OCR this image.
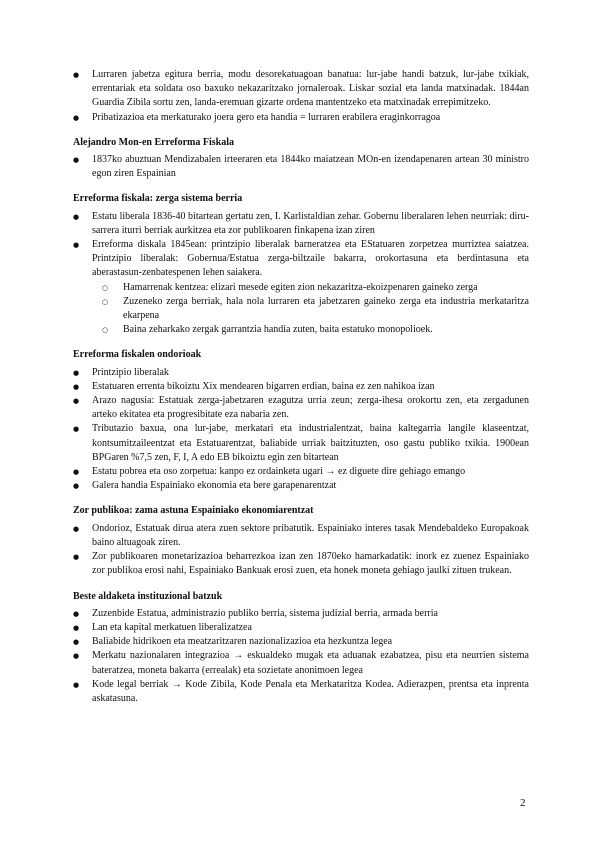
● Lurraren jabetza egitura berria, modu desorekatuagoan banatua: lur-jabe handi batzuk, lur-jabe txikiak, errentariak eta soldata oso baxuko nekazaritzako jornaleroak. Liskar sozial eta landa matxinadak. 1844an Guardia Zibila sortu zen, landa-eremuan gizarte ordena mantentzeko eta matxinadak errepimitzeko.
● Pribatizazioa eta merkaturako joera gero eta handia = lurraren erabilera eraginkorragoa
Alejandro Mon-en Erreforma Fiskala
● 1837ko abuztuan Mendizabalen irteeraren eta 1844ko maiatzean MOn-en izendapenaren artean 30 ministro egon ziren Espainian
Erreforma fiskala: zerga sistema berria
● Estatu liberala 1836-40 bitartean gertatu zen, I. Karlistaldian zehar. Gobernu liberalaren lehen neurriak: diru-sarrera iturri berriak aurkitzea eta zor publikoaren finkapena izan ziren
● Erreforma diskala 1845ean: printzipio liberalak barneratzea eta EStatuaren zorpetzea murriztea saiatzea. Printzipio liberalak: Gobernua/Estatua zerga-biltzaile bakarra, orokortasuna eta berdintasuna eta aberastasun-zenbatespenen lehen saiakera.
○ Hamarrenak kentzea: elizari mesede egiten zion nekazaritza-ekoizpenaren gaineko zerga
○ Zuzeneko zerga berriak, hala nola lurraren eta jabetzaren gaineko zerga eta industria merkataritza ekarpena
○ Baina zeharkako zergak garrantzia handia zuten, baita estatuko monopolioek.
Erreforma fiskalen ondorioak
● Printzipio liberalak
● Estatuaren errenta bikoiztu Xix mendearen bigarren erdian, baina ez zen nahikoa izan
● Arazo nagusia: Estatuak zerga-jabetzaren ezagutza urria zeun; zerga-ihesa orokortu zen, eta zergadunen arteko ekitatea eta progresibitate eza nabaria zen.
● Tributazio baxua, ona lur-jabe, merkatari eta industrialentzat, baina kaltegarria langile klaseentzat, kontsumitzaileentzat eta Estatuarentzat, baliabide urriak baitzituzten, oso gastu publiko txikia. 1900ean BPGaren %7,5 zen, F, I, A edo EB bikoiztu egin zen bitartean
● Estatu pobrea eta oso zorpetua: kanpo ez ordainketa ugari → ez diguete dire gehiago emango
● Galera handia Espainiako ekonomia eta bere garapenarentzat
Zor publikoa: zama astuna Espainiako ekonomiarentzat
● Ondorioz, Estatuak dirua atera zuen sektore pribatutik. Espainiako interes tasak Mendebaldeko Europakoak baino altuagoak ziren.
● Zor publikoaren monetarizazioa beharrezkoa izan zen 1870eko hamarkadatik: inork ez zuenez Espainiako zor publikoa erosi nahi, Espainiako Bankuak erosi zuen, eta honek moneta gehiago jaulki zituen trukean.
Beste aldaketa instituzional batzuk
● Zuzenbide Estatua, administrazio publiko berria, sistema judizial berria, armada berria
● Lan eta kapital merkatuen liberalizatzea
● Baliabide hidrikoen eta meatzaritzaren nazionalizazioa eta hezkuntza legea
● Merkatu nazionalaren integrazioa → eskualdeko mugak eta aduanak ezabatzea, pisu eta neurrien sistema bateratzea, moneta bakarra (errealak) eta sozietate anonimoen legea
● Kode legal berriak → Kode Zibila, Kode Penala eta Merkataritza Kodea. Adierazpen, prentsa eta inprenta askatasuna.
2
